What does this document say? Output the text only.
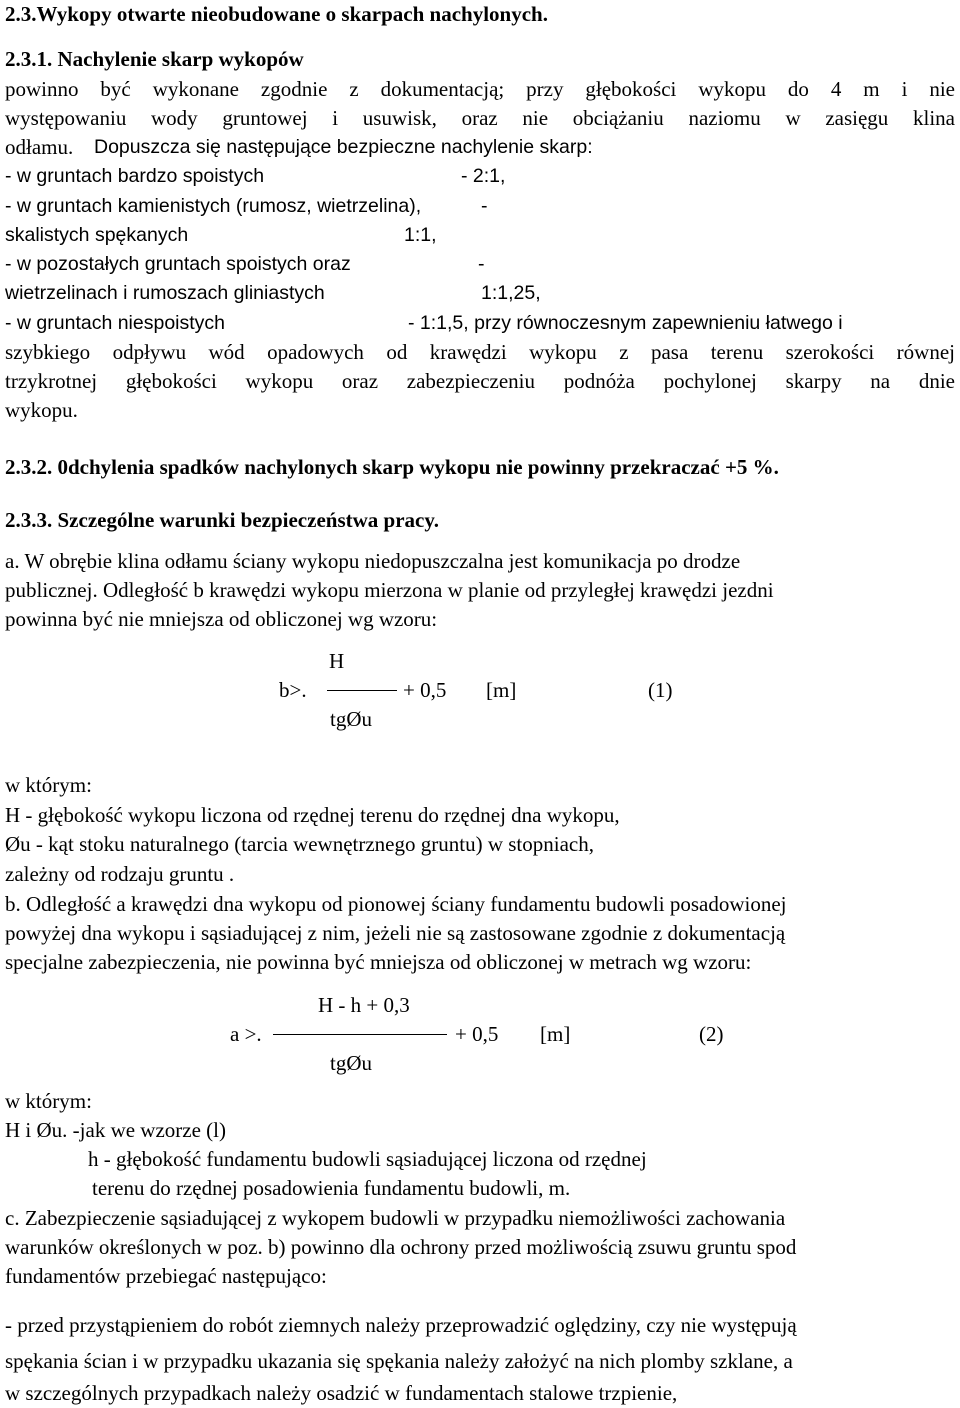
2.3.Wykopy otwarte nieobudowane o skarpach nachylonych.
2.3.1. Nachylenie skarp wykopów
powinno być wykonane zgodnie z dokumentacją; przy głębokości wykopu do 4 m i nie
występowaniu wody gruntowej i usuwisk, oraz nie obciążaniu naziomu w zasięgu klina
odłamu. Dopuszcza się następujące bezpieczne nachylenie skarp:
- w gruntach bardzo spoistych	- 2:1,
- w gruntach kamienistych (rumosz, wietrzelina),	-
skalistych spękanych	1:1,
- w pozostałych gruntach spoistych oraz	-
wietrzelinach i rumoszach gliniastych	1:1,25,
- w gruntach niespoistych	- 1:1,5, przy równoczesnym zapewnieniu łatwego i
szybkiego odpływu wód opadowych od krawędzi wykopu z pasa terenu szerokości równej
trzykrotnej głębokości wykopu oraz zabezpieczeniu podnóża pochylonej skarpy na dnie
wykopu.
2.3.2. 0dchylenia spadków nachylonych skarp wykopu nie powinny przekraczać +5 %.
2.3.3. Szczególne warunki bezpieczeństwa pracy.
a. W obrębie klina odłamu ściany wykopu niedopuszczalna jest komunikacja po drodze
publicznej. Odległość b krawędzi wykopu mierzona w planie od przyległej krawędzi jezdni
powinna być nie mniejsza od obliczonej wg wzoru:
H
b>.	+ 0,5 [m]	(1)
tgØu
w którym:
H - głębokość wykopu liczona od rzędnej terenu do rzędnej dna wykopu,
Øu - kąt stoku naturalnego (tarcia wewnętrznego gruntu) w stopniach,
zależny od rodzaju gruntu .
b. Odległość a krawędzi dna wykopu od pionowej ściany fundamentu budowli posadowionej
powyżej dna wykopu i sąsiadującej z nim, jeżeli nie są zastosowane zgodnie z dokumentacją
specjalne zabezpieczenia, nie powinna być mniejsza od obliczonej w metrach wg wzoru:
H - h + 0,3
a >.	+ 0,5 [m]	(2)
tgØu
w którym:
H i Øu. -jak we wzorze (l)
h - głębokość fundamentu budowli sąsiadującej liczona od rzędnej
terenu do rzędnej posadowienia fundamentu budowli, m.
c. Zabezpieczenie sąsiadującej z wykopem budowli w przypadku niemożliwości zachowania
warunków określonych w poz. b) powinno dla ochrony przed możliwością zsuwu gruntu spod
fundamentów przebiegać następująco:
- przed przystąpieniem do robót ziemnych należy przeprowadzić oględziny, czy nie występują
spękania ścian i w przypadku ukazania się spękania należy założyć na nich plomby szklane, a
w szczególnych przypadkach należy osadzić w fundamentach stalowe trzpienie,
